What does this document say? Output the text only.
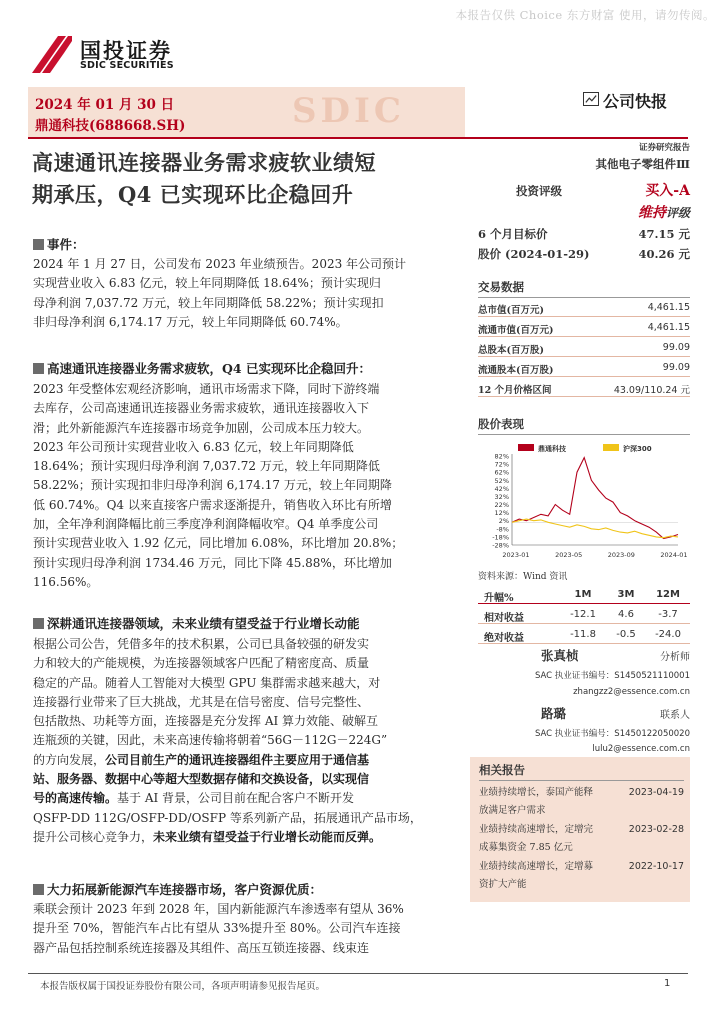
本报告仅供 Choice 东方财富 使用，请勿传阅。
国投证券
SDIC SECURITIES
SDIC
2024 年 01 月 30 日
鼎通科技(688668.SH)
公司快报
高速通讯连接器业务需求疲软业绩短
期承压，Q4 已实现环比企稳回升
事件：
2024 年 1 月 27 日，公司发布 2023 年业绩预告。2023 年公司预计
实现营业收入 6.83 亿元，较上年同期降低 18.64%；预计实现归
母净利润 7,037.72 万元，较上年同期降低 58.22%；预计实现扣
非归母净利润 6,174.17 万元，较上年同期降低 60.74%。
高速通讯连接器业务需求疲软，Q4 已实现环比企稳回升：
2023 年受整体宏观经济影响，通讯市场需求下降，同时下游终端
去库存，公司高速通讯连接器业务需求疲软，通讯连接器收入下
滑；此外新能源汽车连接器市场竞争加剧，公司成本压力较大。
2023 年公司预计实现营业收入 6.83 亿元，较上年同期降低
18.64%；预计实现归母净利润 7,037.72 万元，较上年同期降低
58.22%；预计实现扣非归母净利润 6,174.17 万元，较上年同期降
低 60.74%。Q4 以来直接客户需求逐渐提升，销售收入环比有所增
加，全年净利润降幅比前三季度净利润降幅收窄。Q4 单季度公司
预计实现营业收入 1.92 亿元，同比增加 6.08%，环比增加 20.8%；
预计实现归母净利润 1734.46 万元，同比下降 45.88%，环比增加
116.56%。
深耕通讯连接器领域，未来业绩有望受益于行业增长动能
根据公司公告，凭借多年的技术积累，公司已具备较强的研发实
力和较大的产能规模，为连接器领域客户匹配了精密度高、质量
稳定的产品。随着人工智能对大模型 GPU 集群需求越来越大，对
连接器行业带来了巨大挑战，尤其是在信号密度、信号完整性、
包括散热、功耗等方面，连接器是充分发挥 AI 算力效能、破解互
连瓶颈的关键，因此，未来高速传输将朝着“56G－112G－224G”
的方向发展，公司目前生产的通讯连接器组件主要应用于通信基
站、服务器、数据中心等超大型数据存储和交换设备，以实现信
号的高速传输。基于 AI 背景，公司目前在配合客户不断开发
QSFP-DD 112G/OSFP-DD/OSFP 等系列新产品，拓展通讯产品市场，
提升公司核心竞争力，未来业绩有望受益于行业增长动能而反弹。
大力拓展新能源汽车连接器市场，客户资源优质：
乘联会预计 2023 年到 2028 年，国内新能源汽车渗透率有望从 36%
提升至 70%，智能汽车占比有望从 33%提升至 80%。公司汽车连接
器产品包括控制系统连接器及其组件、高压互锁连接器、线束连
证券研究报告
其他电子零组件Ⅲ
投资评级	买入-A
维持评级
6 个月目标价	47.15 元
股价 (2024-01-29)	40.26 元
交易数据
总市值(百万元)	4,461.15
流通市值(百万元)	4,461.15
总股本(百万股)	99.09
流通股本(百万股)	99.09
12 个月价格区间	43.09/110.24 元
股价表现
鼎通科技	沪深300
82%
72%
62%
52%
42%
32%
22%
12%
2%
-8%
-18%
-28%
2023-01	2023-05	2023-09	2024-01
资料来源：Wind 资讯
升幅%	1M	3M	12M
相对收益	-12.1	4.6	-3.7
绝对收益	-11.8	-0.5	-24.0
张真桢	分析师
SAC 执业证书编号：S1450521110001
zhangzz2@essence.com.cn
路璐	联系人
SAC 执业证书编号：S1450122050020
lulu2@essence.com.cn
相关报告
业绩持续增长，泰国产能释
放满足客户需求
2023-04-19
业绩持续高速增长，定增完
成募集资金 7.85 亿元
2023-02-28
业绩持续高速增长，定增募
资扩大产能
2022-10-17
本报告版权属于国投证券股份有限公司，各项声明请参见报告尾页。	1
